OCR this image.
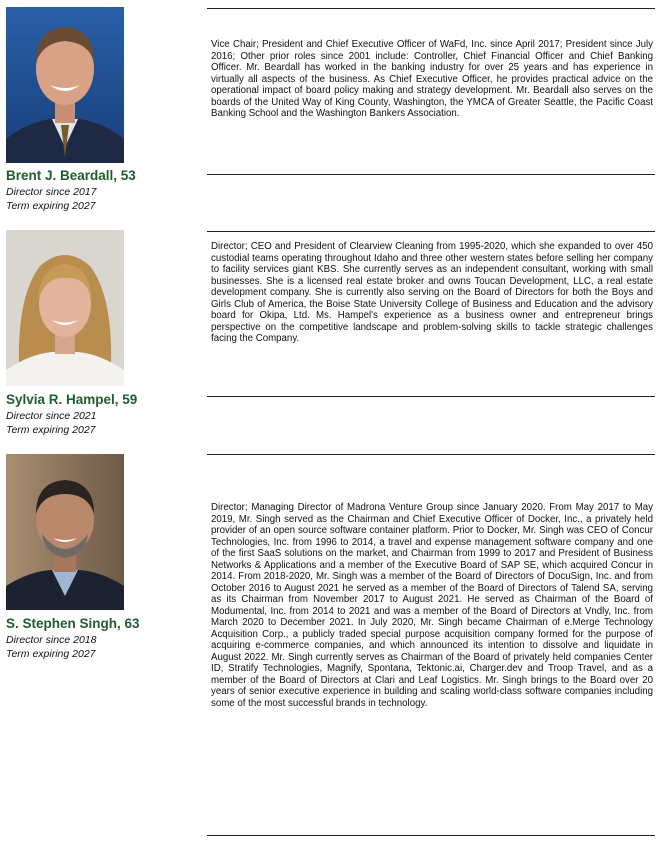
Brent J. Beardall, 53
Director since 2017
Term expiring 2027

Vice Chair; President and Chief Executive Officer of WaFd, Inc. since April 2017; President since July 2016; Other prior roles since 2001 include: Controller, Chief Financial Officer and Chief Banking Officer. Mr. Beardall has worked in the banking industry for over 25 years and has experience in virtually all aspects of the business. As Chief Executive Officer, he provides practical advice on the operational impact of board policy making and strategy development. Mr. Beardall also serves on the boards of the United Way of King County, Washington, the YMCA of Greater Seattle, the Pacific Coast Banking School and the Washington Bankers Association.

Sylvia R. Hampel, 59
Director since 2021
Term expiring 2027

Director; CEO and President of Clearview Cleaning from 1995-2020, which she expanded to over 450 custodial teams operating throughout Idaho and three other western states before selling her company to facility services giant KBS. She currently serves as an independent consultant, working with small businesses. She is a licensed real estate broker and owns Toucan Development, LLC, a real estate development company. She is currently also serving on the Board of Directors for both the Boys and Girls Club of America, the Boise State University College of Business and Education and the advisory board for Okipa, Ltd. Ms. Hampel's experience as a business owner and entrepreneur brings perspective on the competitive landscape and problem-solving skills to tackle strategic challenges facing the Company.

S. Stephen Singh, 63
Director since 2018
Term expiring 2027

Director; Managing Director of Madrona Venture Group since January 2020. From May 2017 to May 2019, Mr. Singh served as the Chairman and Chief Executive Officer of Docker, Inc., a privately held provider of an open source software container platform. Prior to Docker, Mr. Singh was CEO of Concur Technologies, Inc. from 1996 to 2014, a travel and expense management software company and one of the first SaaS solutions on the market, and Chairman from 1999 to 2017 and President of Business Networks & Applications and a member of the Executive Board of SAP SE, which acquired Concur in 2014. From 2018-2020, Mr. Singh was a member of the Board of Directors of DocuSign, Inc. and from October 2016 to August 2021 he served as a member of the Board of Directors of Talend SA, serving as its Chairman from November 2017 to August 2021. He served as Chairman of the Board of Modumental, Inc. from 2014 to 2021 and was a member of the Board of Directors at Vndly, Inc. from March 2020 to December 2021. In July 2020, Mr. Singh became Chairman of e.Merge Technology Acquisition Corp., a publicly traded special purpose acquisition company formed for the purpose of acquiring e-commerce companies, and which announced its intention to dissolve and liquidate in August 2022. Mr. Singh currently serves as Chairman of the Board of privately held companies Center ID, Stratify Technologies, Magnify, Spontana, Tektonic.ai, Charger.dev and Troop Travel, and as a member of the Board of Directors at Clari and Leaf Logistics. Mr. Singh brings to the Board over 20 years of senior executive experience in building and scaling world-class software companies including some of the most successful brands in technology.
